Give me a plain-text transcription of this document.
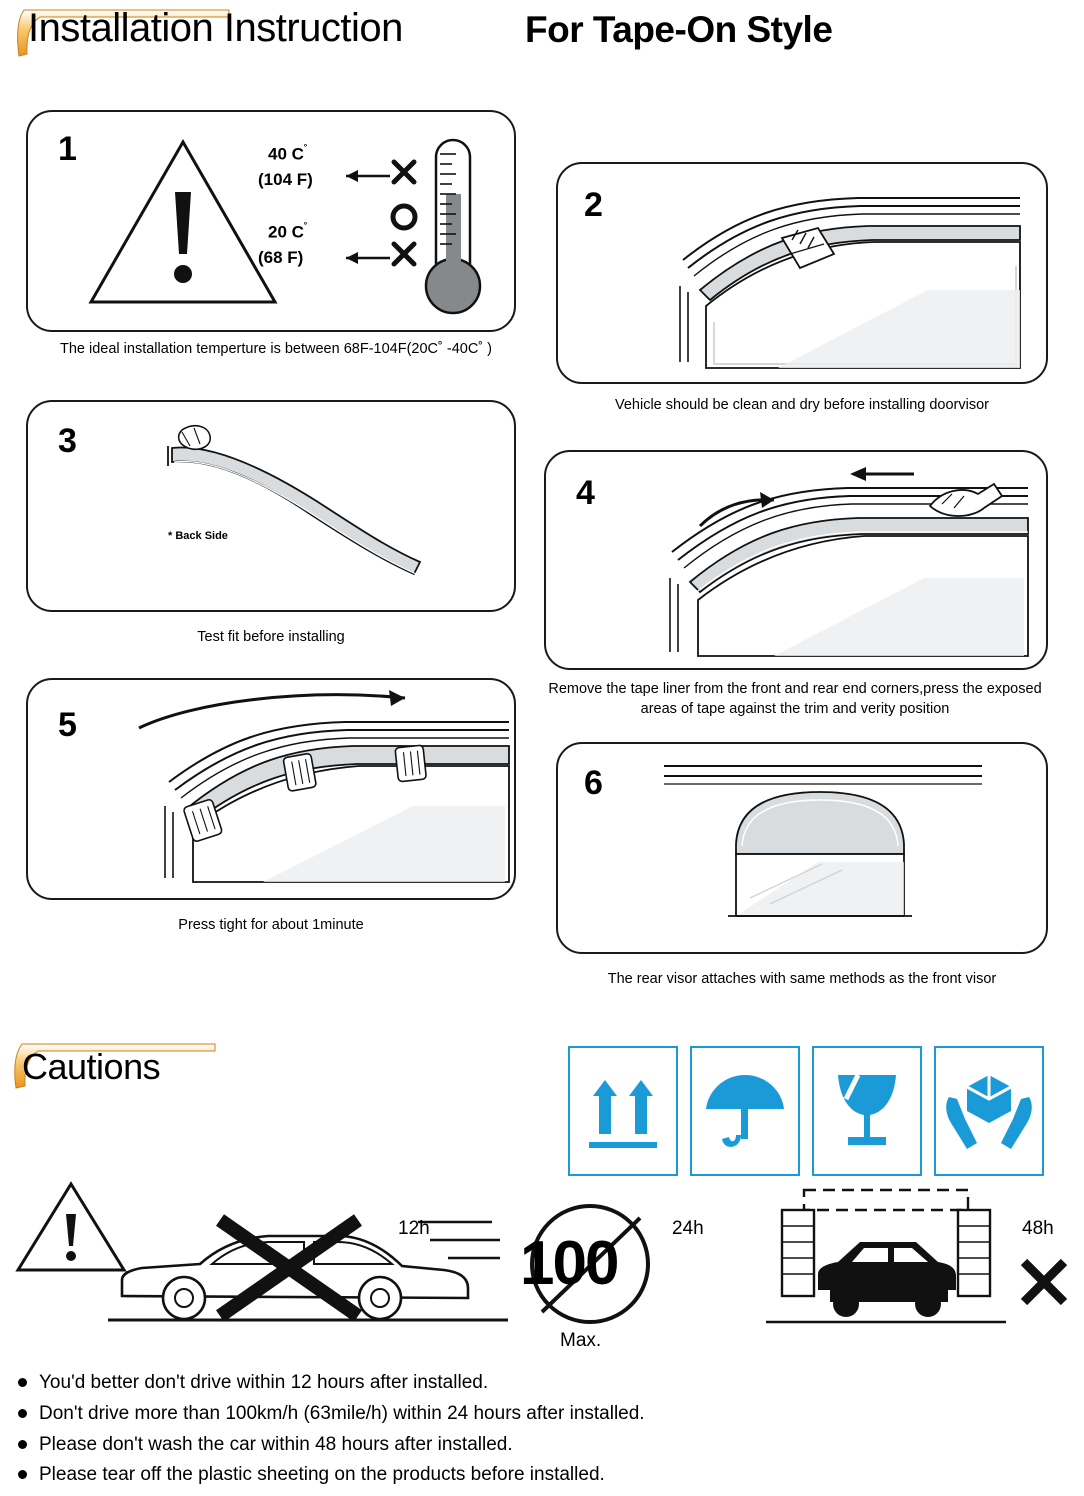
Installation Instruction	For Tape-On Style
1	40 C˚
(104 F)
20 C˚
(68 F)
The ideal installation temperture is between 68F-104F(20C˚ -40C˚ )
2
Vehicle should be clean and dry before installing doorvisor
3
* Back Side
Test fit before installing
4
Remove the tape liner from the front and rear end corners,press the exposed areas of tape against the trim and verity position
5
Press tight for about 1minute
6
The rear visor attaches with same methods as the front visor
Cautions
12h
100
Max.
24h	48h
You'd better don't drive within 12 hours after installed.
Don't drive more than 100km/h (63mile/h) within 24 hours after installed.
Please don't wash the car within 48 hours after installed.
Please tear off the plastic sheeting on the products before installed.
